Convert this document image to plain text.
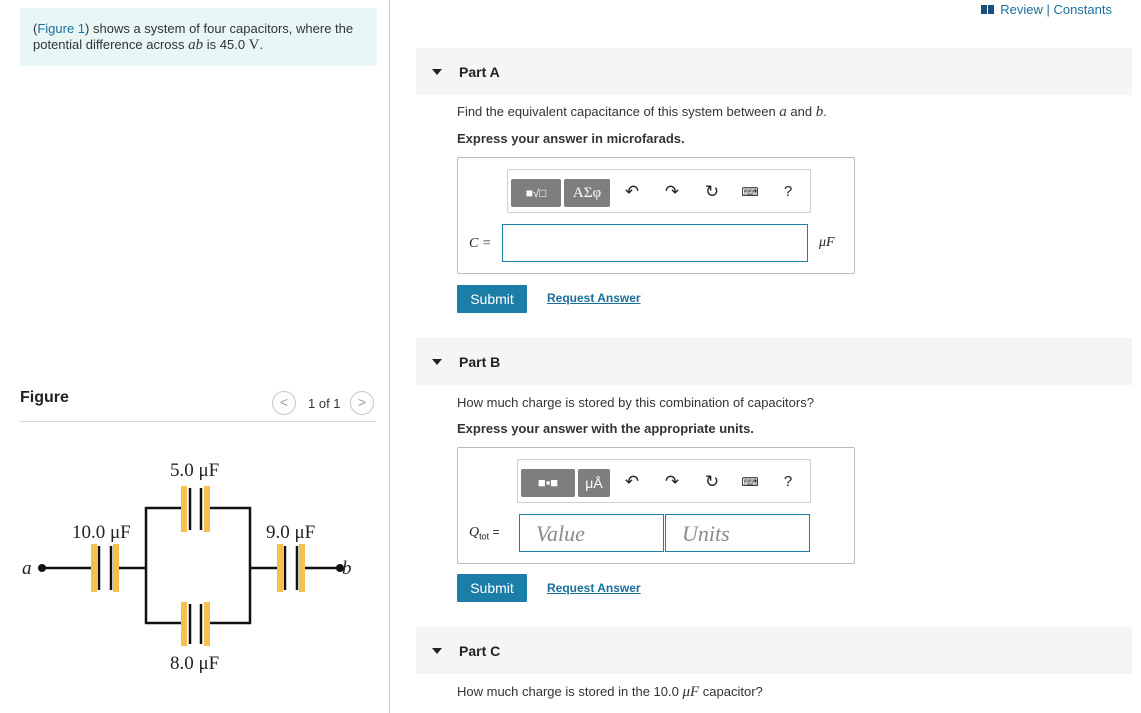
(Figure 1) shows a system of four capacitors, where the potential difference across ab is 45.0 V.
Figure	<	1 of 1	>
10.0 μF
5.0 μF
8.0 μF
9.0 μF
a	b
Review | Constants
Part A
Find the equivalent capacitance of this system between a and b.
Express your answer in microfarads.
■√□	ΑΣφ	↶ ↷ ↻	⌨	?
C =	μF
Submit	Request Answer
Part B
How much charge is stored by this combination of capacitors?
Express your answer with the appropriate units.
■▪■	μÅ	↶ ↷ ↻	⌨	?
$Q_{tot}$ = Value	Units
Submit	Request Answer
Part C
How much charge is stored in the 10.0 μF capacitor?
